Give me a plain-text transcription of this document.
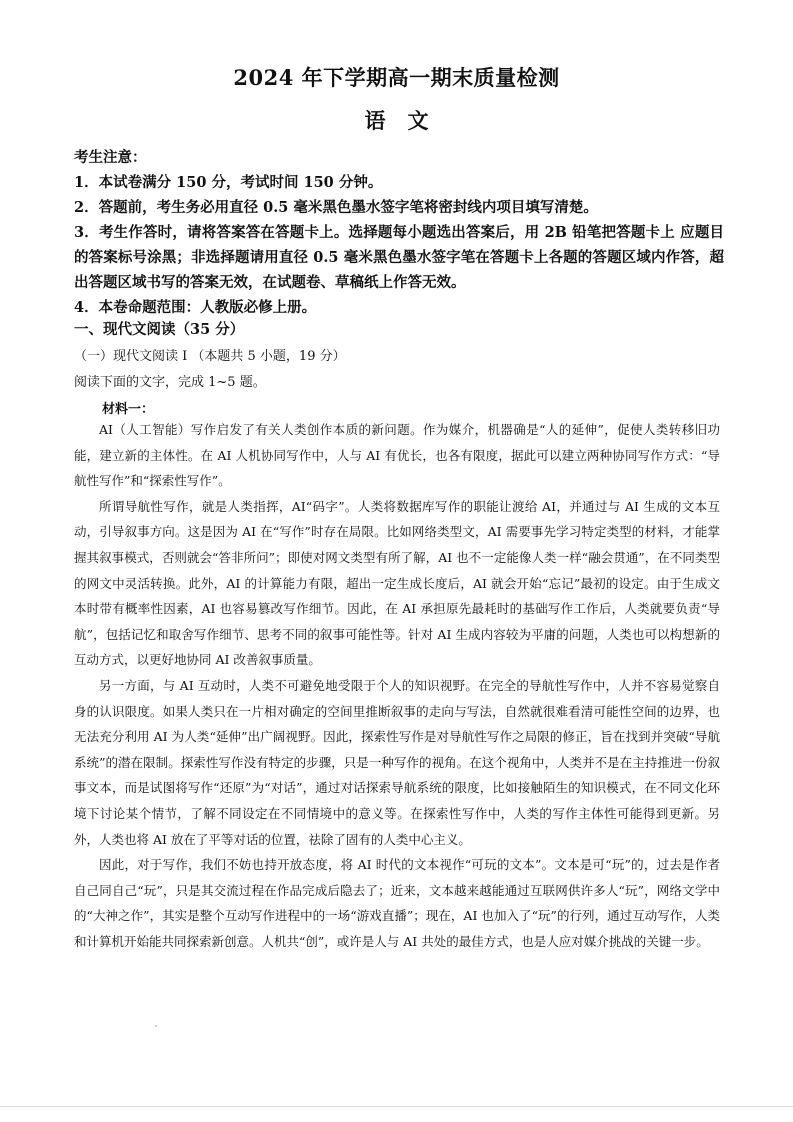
2024 年下学期高一期末质量检测
语文
考生注意：
1．本试卷满分 150 分，考试时间 150 分钟。
2．答题前，考生务必用直径 0.5 毫米黑色墨水签字笔将密封线内项目填写清楚。
3．考生作答时，请将答案答在答题卡上。选择题每小题选出答案后，用 2B 铅笔把答题卡上 应题目的答案标号涂黑；非选择题请用直径 0.5 毫米黑色墨水签字笔在答题卡上各题的答题区域内作答，超出答题区域书写的答案无效，在试题卷、草稿纸上作答无效。
4．本卷命题范围：人教版必修上册。
一、现代文阅读（35 分）
（一）现代文阅读 I （本题共 5 小题，19 分）
阅读下面的文字，完成 1~5 题。
材料一：

AI（人工智能）写作启发了有关人类创作本质的新问题。作为媒介，机器确是“人的延伸”，促使人类转移旧功能，建立新的主体性。在 AI 人机协同写作中，人与 AI 有优长，也各有限度，据此可以建立两种协同写作方式：“导航性写作”和“探索性写作”。

所谓导航性写作，就是人类指挥，AI“码字”。人类将数据库写作的职能让渡给 AI，并通过与 AI 生成的文本互动，引导叙事方向。这是因为 AI 在“写作”时存在局限。比如网络类型文，AI 需要事先学习特定类型的材料，才能掌握其叙事模式，否则就会“答非所问”；即使对网文类型有所了解，AI 也不一定能像人类一样“融会贯通”，在不同类型的网文中灵活转换。此外，AI 的计算能力有限，超出一定生成长度后，AI 就会开始“忘记”最初的设定。由于生成文本时带有概率性因素，AI 也容易篡改写作细节。因此，在 AI 承担原先最耗时的基础写作工作后，人类就要负责“导航”，包括记忆和取舍写作细节、思考不同的叙事可能性等。针对 AI 生成内容较为平庸的问题，人类也可以构想新的互动方式，以更好地协同 AI 改善叙事质量。

另一方面，与 AI 互动时，人类不可避免地受限于个人的知识视野。在完全的导航性写作中，人并不容易觉察自身的认识限度。如果人类只在一片相对确定的空间里推断叙事的走向与写法，自然就很难看清可能性空间的边界，也无法充分利用 AI 为人类“延伸”出广阔视野。因此，探索性写作是对导航性写作之局限的修正，旨在找到并突破“导航系统”的潜在限制。探索性写作没有特定的步骤，只是一种写作的视角。在这个视角中，人类并不是在主持推进一份叙事文本，而是试图将写作“还原”为“对话”，通过对话探索导航系统的限度，比如接触陌生的知识模式，在不同文化环境下讨论某个情节，了解不同设定在不同情境中的意义等。在探索性写作中，人类的写作主体性可能得到更新。另外，人类也将 AI 放在了平等对话的位置，祛除了固有的人类中心主义。

因此，对于写作，我们不妨也持开放态度，将 AI 时代的文本视作“可玩的文本”。文本是可“玩”的，过去是作者自己同自己“玩”，只是其交流过程在作品完成后隐去了；近来，文本越来越能通过互联网供许多人“玩”，网络文学中的“大神之作”，其实是整个互动写作进程中的一场“游戏直播”；现在，AI 也加入了“玩”的行列，通过互动写作，人类和计算机开始能共同探索新创意。人机共“创”，或许是人与 AI 共处的最佳方式，也是人应对媒介挑战的关键一步。
